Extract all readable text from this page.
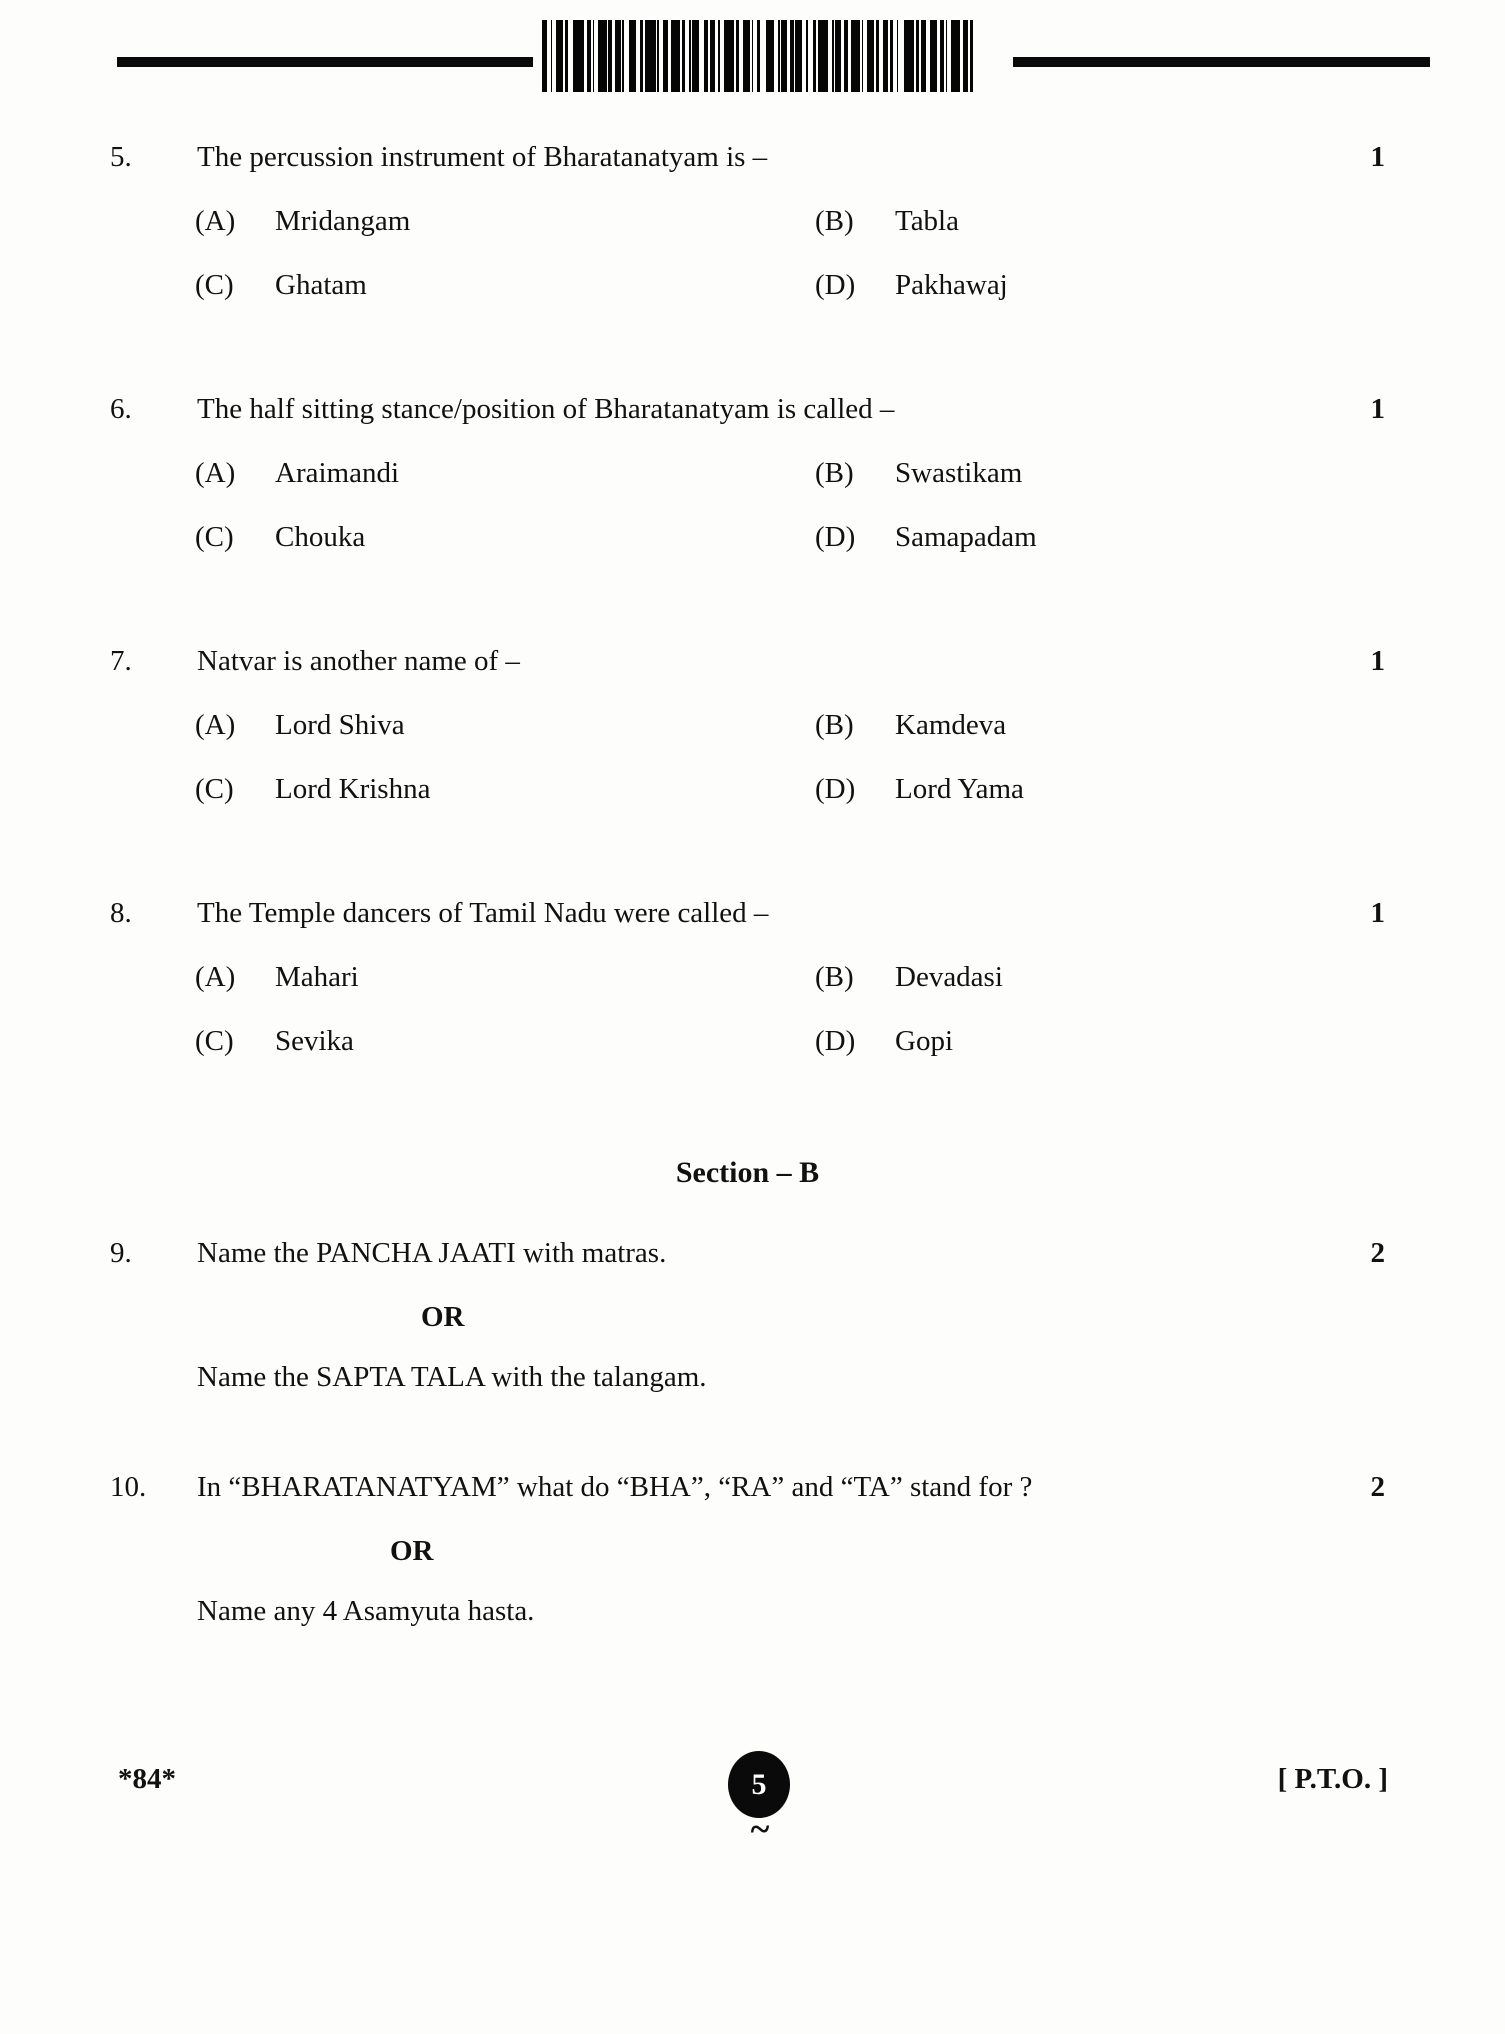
5.	The percussion instrument of Bharatanatyam is –	1
(A)	Mridangam	(B)	Tabla
(C)	Ghatam	(D)	Pakhawaj
6.	The half sitting stance/position of Bharatanatyam is called –	1
(A)	Araimandi	(B)	Swastikam
(C)	Chouka	(D)	Samapadam
7.	Natvar is another name of –	1
(A)	Lord Shiva	(B)	Kamdeva
(C)	Lord Krishna	(D)	Lord Yama
8.	The Temple dancers of Tamil Nadu were called –	1
(A)	Mahari	(B)	Devadasi
(C)	Sevika	(D)	Gopi
Section – B
9.	Name the PANCHA JAATI with matras.	2
OR
Name the SAPTA TALA with the talangam.
10.	In “BHARATANATYAM” what do “BHA”, “RA” and “TA” stand for ?	2
OR
Name any 4 Asamyuta hasta.
*84*	5	[ P.T.O. ]
~
